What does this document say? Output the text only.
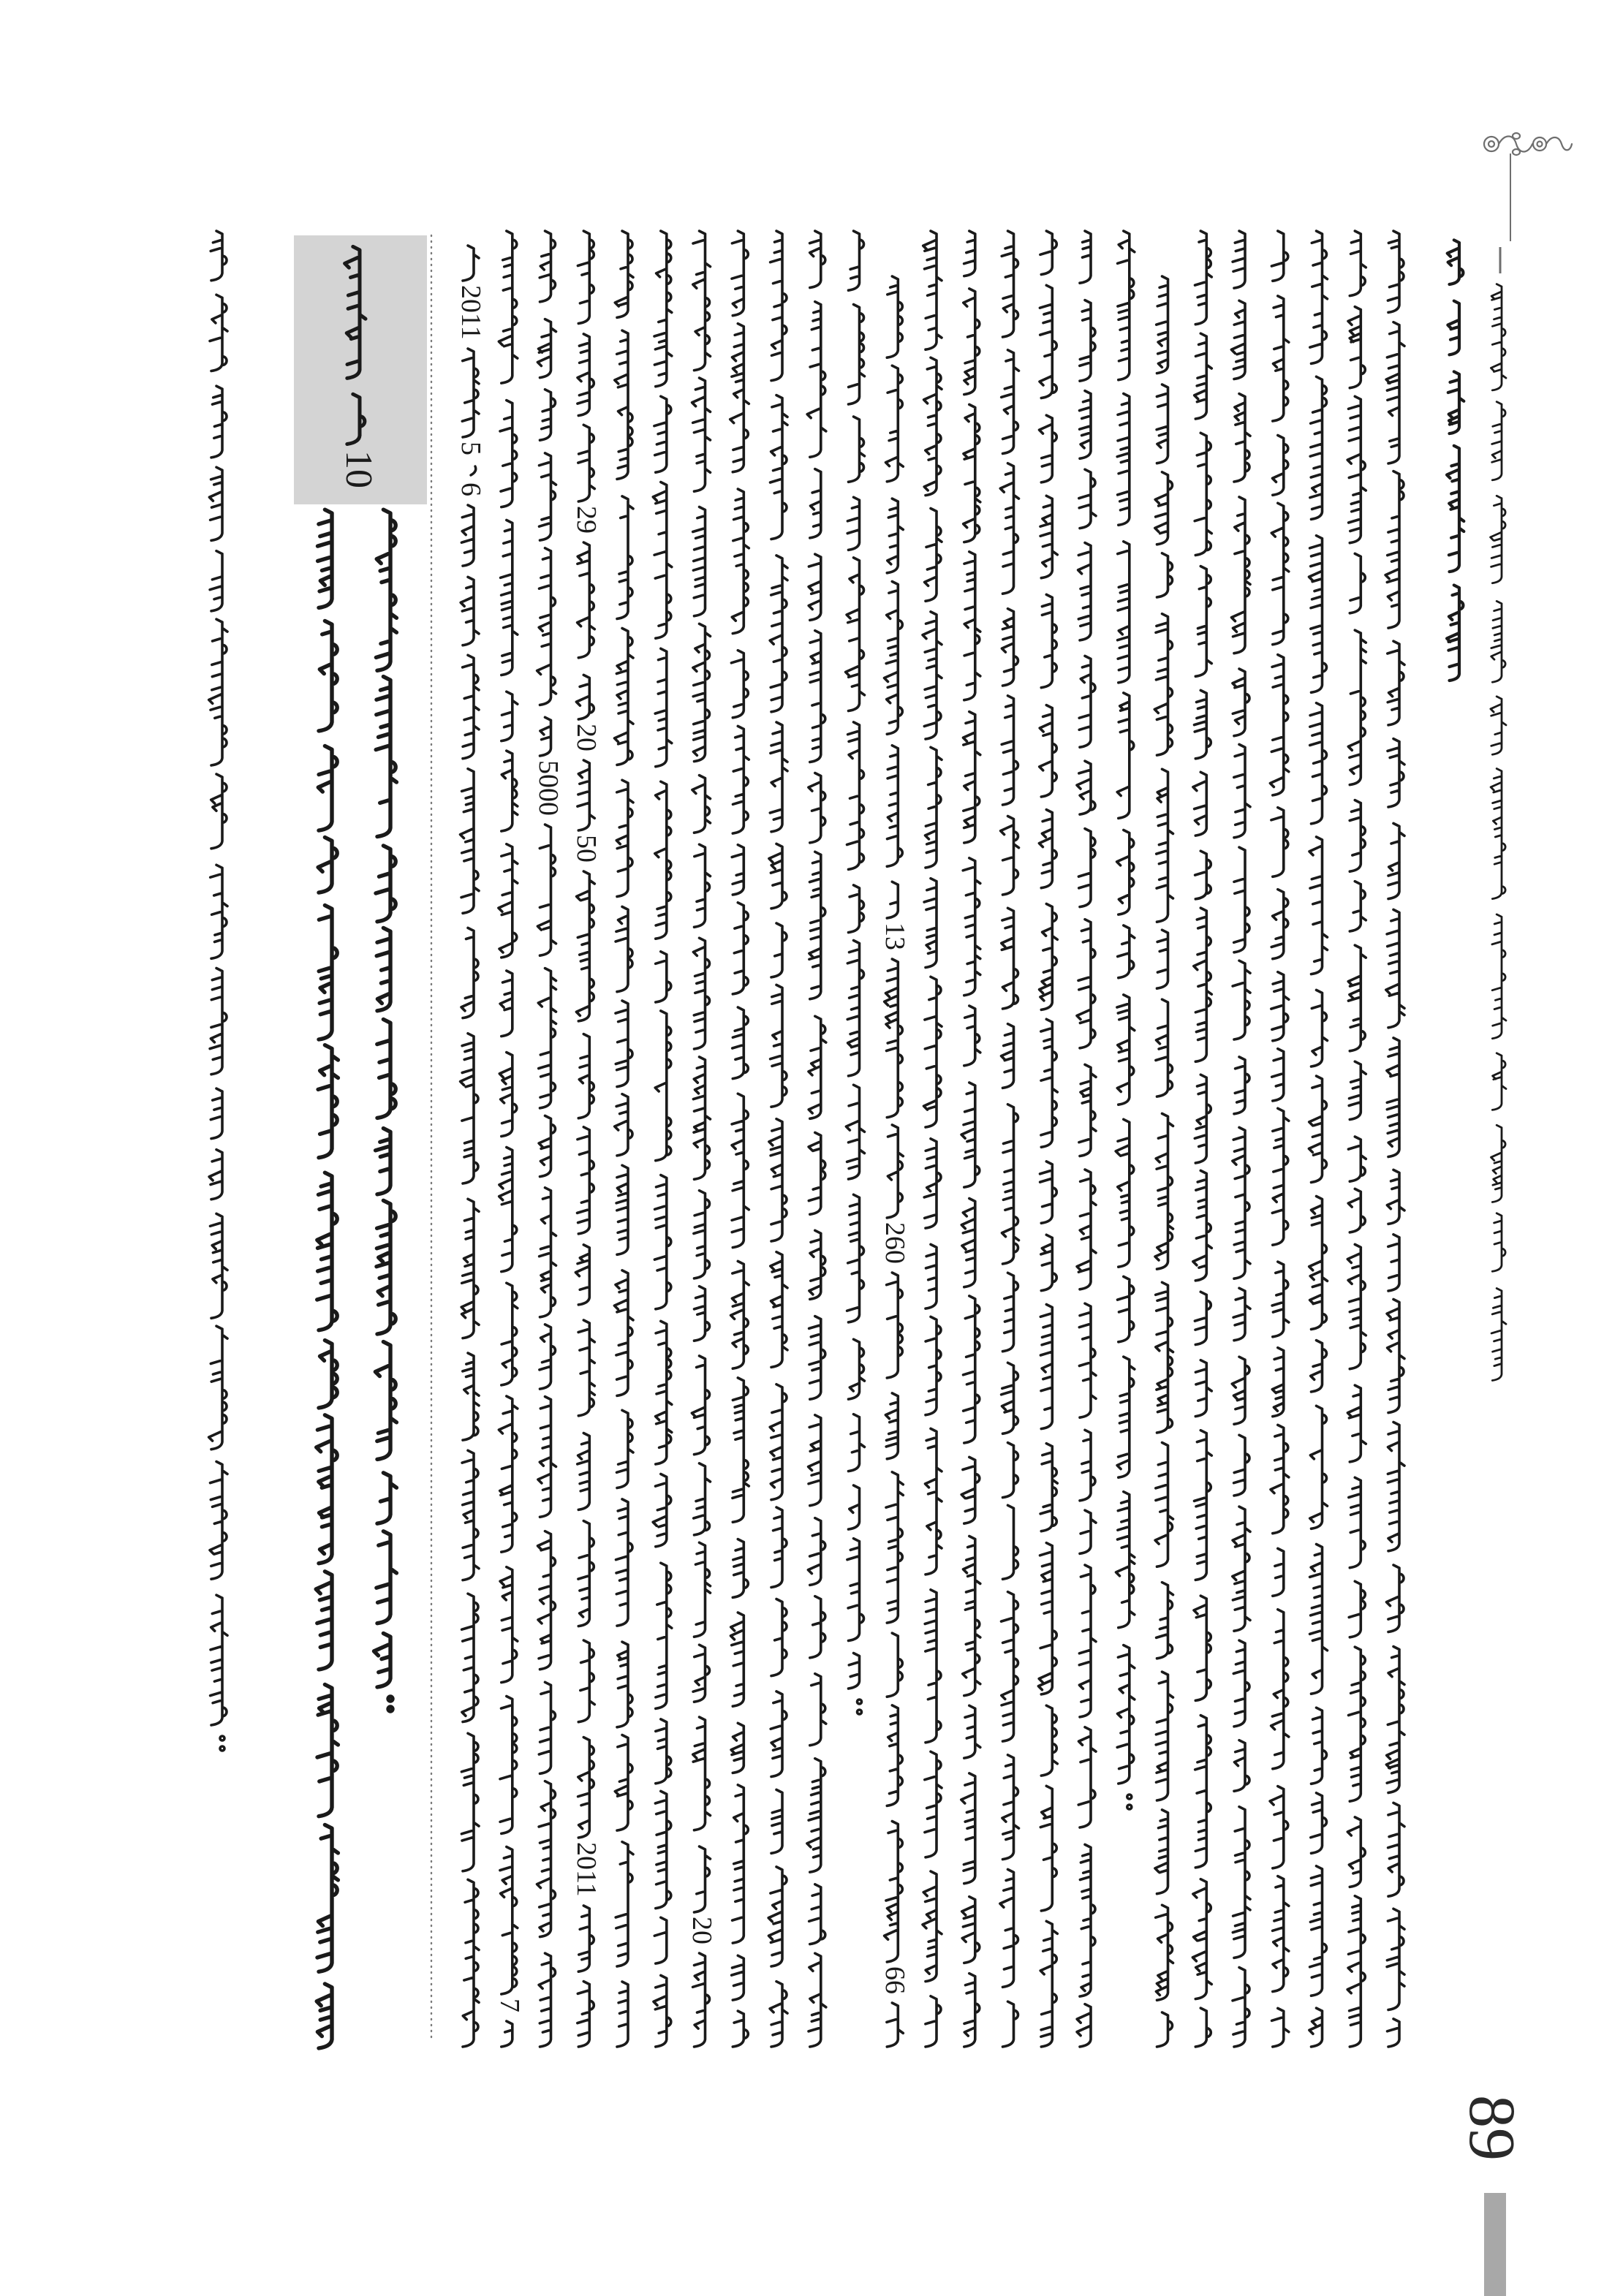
2011
5
6
7
5000
29
20
50
2011
20
13
260
66
10
89
